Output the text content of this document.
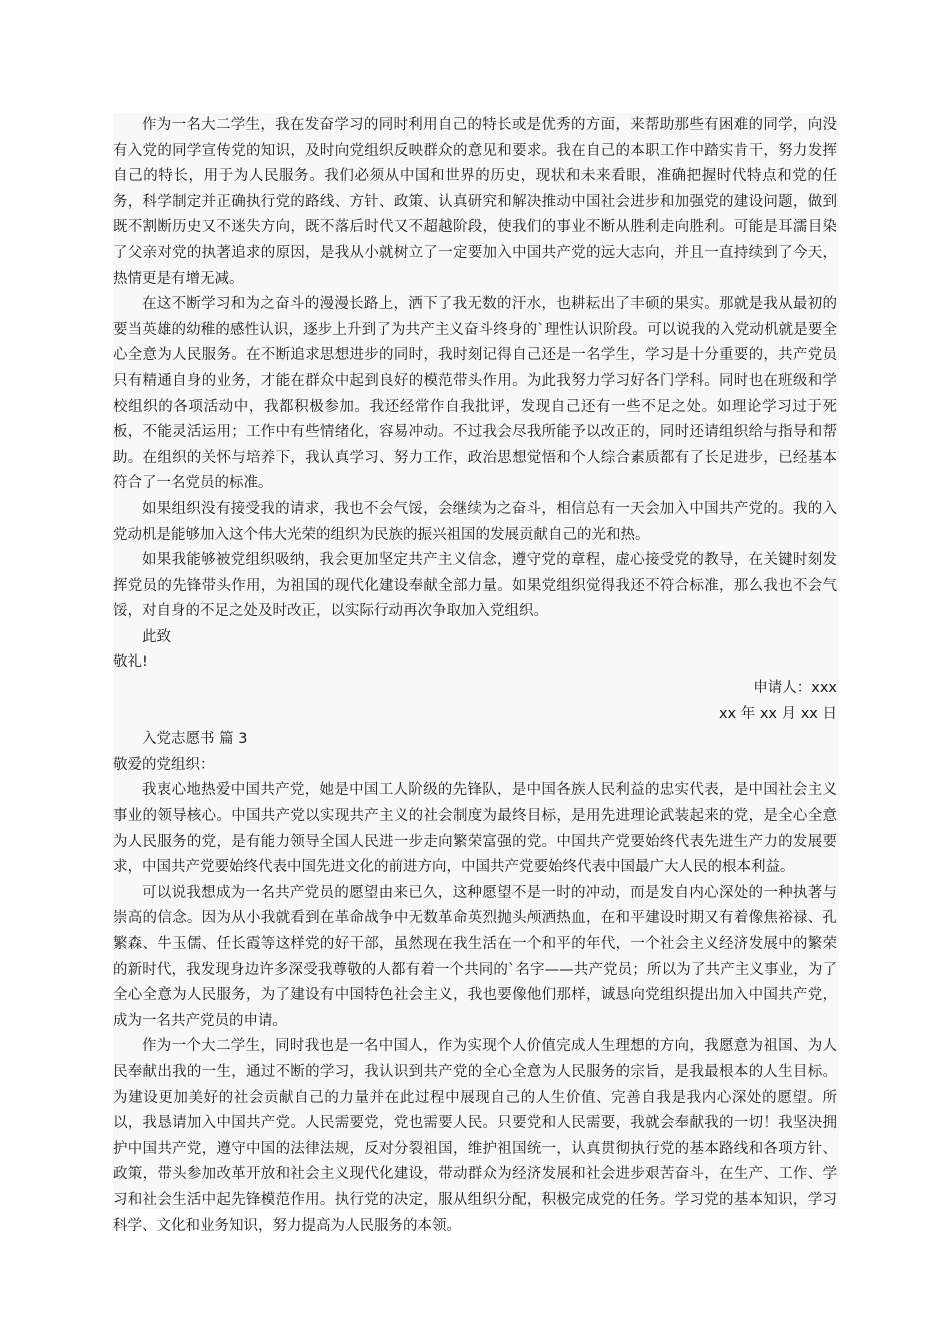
作为一名大二学生，我在发奋学习的同时利用自己的特长或是优秀的方面，来帮助那些有困难的同学，向没有入党的同学宣传党的知识，及时向党组织反映群众的意见和要求。我在自己的本职工作中踏实肯干，努力发挥自己的特长，用于为人民服务。我们必须从中国和世界的历史，现状和未来看眼，准确把握时代特点和党的任务，科学制定并正确执行党的路线、方针、政策、认真研究和解决推动中国社会进步和加强党的建设问题，做到既不割断历史又不迷失方向，既不落后时代又不超越阶段，使我们的事业不断从胜利走向胜利。可能是耳濡目染了父亲对党的执著追求的原因，是我从小就树立了一定要加入中国共产党的远大志向，并且一直持续到了今天，热情更是有增无减。

在这不断学习和为之奋斗的漫漫长路上，洒下了我无数的汗水，也耕耘出了丰硕的果实。那就是我从最初的要当英雄的幼稚的感性认识，逐步上升到了为共产主义奋斗终身的`理性认识阶段。可以说我的入党动机就是要全心全意为人民服务。在不断追求思想进步的同时，我时刻记得自己还是一名学生，学习是十分重要的，共产党员只有精通自身的业务，才能在群众中起到良好的模范带头作用。为此我努力学习好各门学科。同时也在班级和学校组织的各项活动中，我都积极参加。我还经常作自我批评，发现自己还有一些不足之处。如理论学习过于死板，不能灵活运用；工作中有些情绪化，容易冲动。不过我会尽我所能予以改正的，同时还请组织给与指导和帮助。在组织的关怀与培养下，我认真学习、努力工作，政治思想觉悟和个人综合素质都有了长足进步，已经基本符合了一名党员的标准。

如果组织没有接受我的请求，我也不会气馁，会继续为之奋斗，相信总有一天会加入中国共产党的。我的入党动机是能够加入这个伟大光荣的组织为民族的振兴祖国的发展贡献自己的光和热。

如果我能够被党组织吸纳，我会更加坚定共产主义信念，遵守党的章程，虚心接受党的教导，在关键时刻发挥党员的先锋带头作用，为祖国的现代化建设奉献全部力量。如果党组织觉得我还不符合标准，那么我也不会气馁，对自身的不足之处及时改正，以实际行动再次争取加入党组织。

此致

敬礼!

申请人：xxx

xx 年 xx 月 xx 日

入党志愿书 篇 3

敬爱的党组织：

我衷心地热爱中国共产党，她是中国工人阶级的先锋队，是中国各族人民利益的忠实代表，是中国社会主义事业的领导核心。中国共产党以实现共产主义的社会制度为最终目标，是用先进理论武装起来的党，是全心全意为人民服务的党，是有能力领导全国人民进一步走向繁荣富强的党。中国共产党要始终代表先进生产力的发展要求，中国共产党要始终代表中国先进文化的前进方向，中国共产党要始终代表中国最广大人民的根本利益。

可以说我想成为一名共产党员的愿望由来已久，这种愿望不是一时的冲动，而是发自内心深处的一种执著与崇高的信念。因为从小我就看到在革命战争中无数革命英烈抛头颅洒热血，在和平建设时期又有着像焦裕禄、孔繁森、牛玉儒、任长霞等这样党的好干部，虽然现在我生活在一个和平的年代，一个社会主义经济发展中的繁荣的新时代，我发现身边许多深受我尊敬的人都有着一个共同的`名字——共产党员；所以为了共产主义事业，为了全心全意为人民服务，为了建设有中国特色社会主义，我也要像他们那样，诚恳向党组织提出加入中国共产党，成为一名共产党员的申请。

作为一个大二学生，同时我也是一名中国人，作为实现个人价值完成人生理想的方向，我愿意为祖国、为人民奉献出我的一生，通过不断的学习，我认识到共产党的全心全意为人民服务的宗旨，是我最根本的人生目标。为建设更加美好的社会贡献自己的力量并在此过程中展现自己的人生价值、完善自我是我内心深处的愿望。所以，我恳请加入中国共产党。人民需要党，党也需要人民。只要党和人民需要，我就会奉献我的一切！我坚决拥护中国共产党，遵守中国的法律法规，反对分裂祖国，维护祖国统一，认真贯彻执行党的基本路线和各项方针、政策，带头参加改革开放和社会主义现代化建设，带动群众为经济发展和社会进步艰苦奋斗，在生产、工作、学习和社会生活中起先锋模范作用。执行党的决定，服从组织分配，积极完成党的任务。学习党的基本知识，学习科学、文化和业务知识，努力提高为人民服务的本领。
